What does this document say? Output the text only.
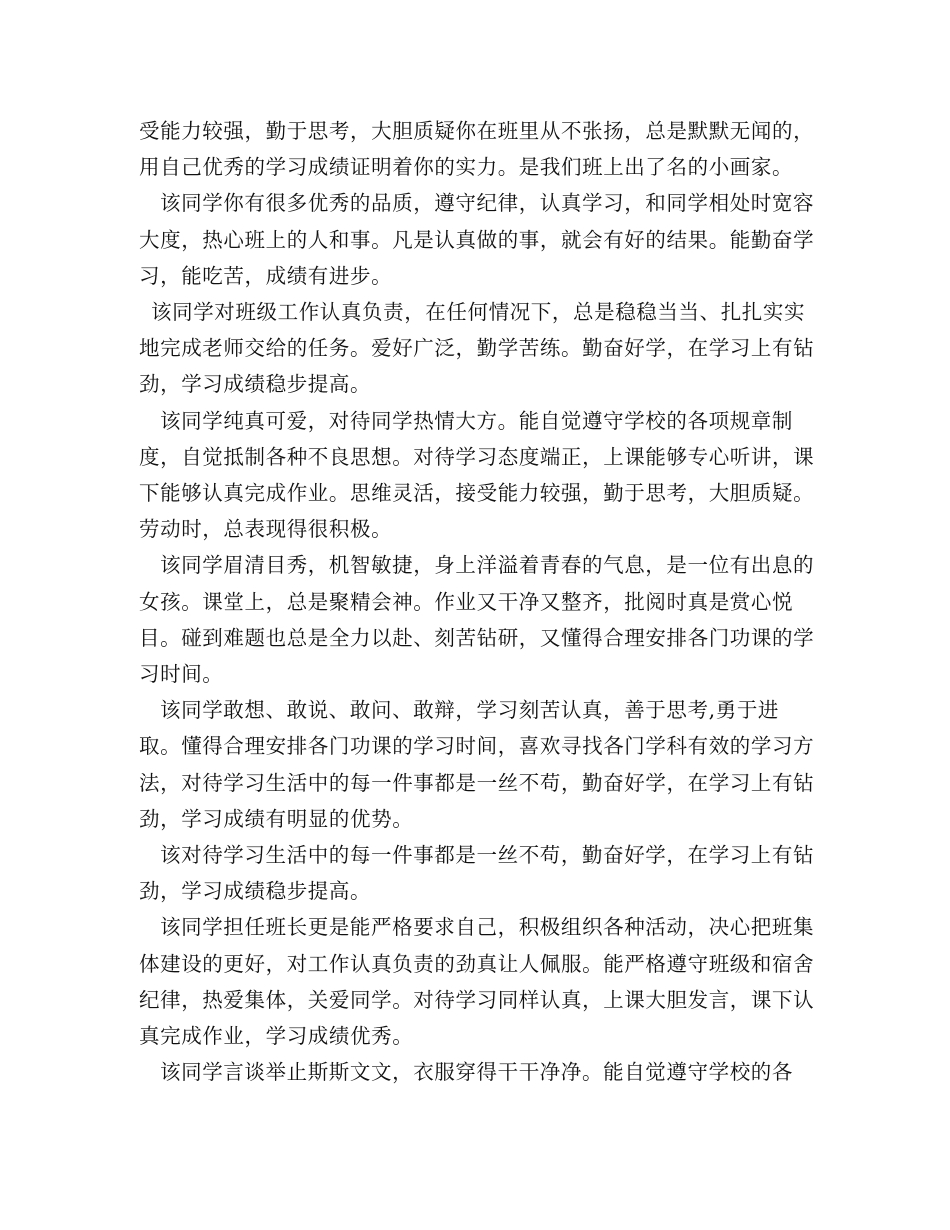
受能力较强，勤于思考，大胆质疑你在班里从不张扬，总是默默无闻的，用自己优秀的学习成绩证明着你的实力。是我们班上出了名的小画家。

该同学你有很多优秀的品质，遵守纪律，认真学习，和同学相处时宽容大度，热心班上的人和事。凡是认真做的事，就会有好的结果。能勤奋学习，能吃苦，成绩有进步。

该同学对班级工作认真负责，在任何情况下，总是稳稳当当、扎扎实实地完成老师交给的任务。爱好广泛，勤学苦练。勤奋好学，在学习上有钻劲，学习成绩稳步提高。

该同学纯真可爱，对待同学热情大方。能自觉遵守学校的各项规章制度，自觉抵制各种不良思想。对待学习态度端正，上课能够专心听讲，课下能够认真完成作业。思维灵活，接受能力较强，勤于思考，大胆质疑。劳动时，总表现得很积极。

该同学眉清目秀，机智敏捷，身上洋溢着青春的气息，是一位有出息的女孩。课堂上，总是聚精会神。作业又干净又整齐，批阅时真是赏心悦目。碰到难题也总是全力以赴、刻苦钻研，又懂得合理安排各门功课的学习时间。

该同学敢想、敢说、敢问、敢辩，学习刻苦认真，善于思考,勇于进取。懂得合理安排各门功课的学习时间，喜欢寻找各门学科有效的学习方法，对待学习生活中的每一件事都是一丝不苟，勤奋好学，在学习上有钻劲，学习成绩有明显的优势。

该对待学习生活中的每一件事都是一丝不苟，勤奋好学，在学习上有钻劲，学习成绩稳步提高。

该同学担任班长更是能严格要求自己，积极组织各种活动，决心把班集体建设的更好，对工作认真负责的劲真让人佩服。能严格遵守班级和宿舍纪律，热爱集体，关爱同学。对待学习同样认真，上课大胆发言，课下认真完成作业，学习成绩优秀。

该同学言谈举止斯斯文文，衣服穿得干干净净。能自觉遵守学校的各
